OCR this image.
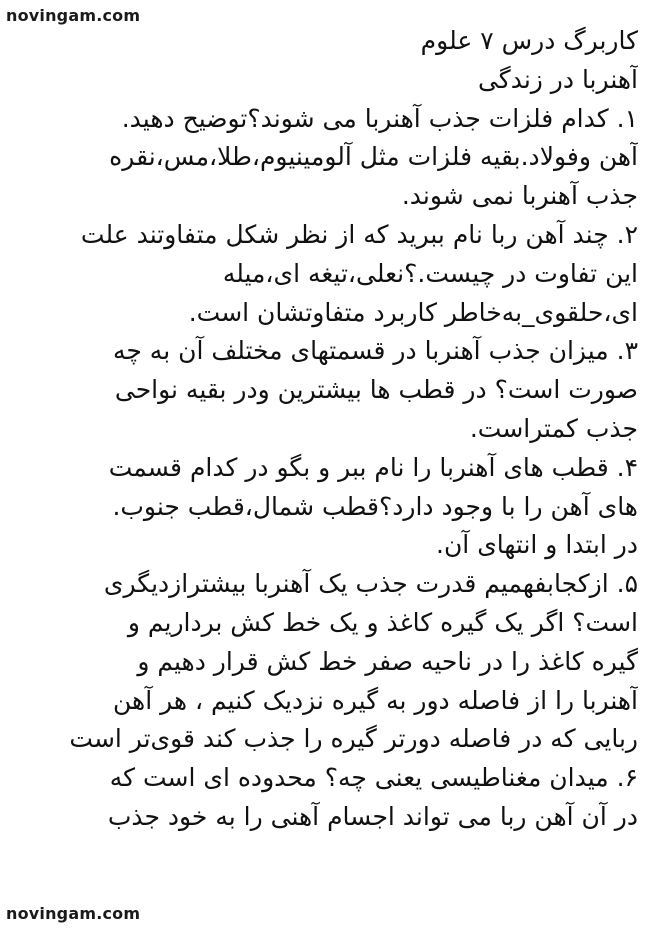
novingam.com
کاربرگ درس ۷ علوم
آهنربا در زندگی
۱. کدام فلزات جذب آهنربا می شوند؟توضیح دهید.
آهن وفولاد.بقیه فلزات مثل آلومینیوم،طلا،مس،نقره
جذب آهنربا نمی شوند.
۲. چند آهن ربا نام ببرید که از نظر شکل متفاوتند علت
این تفاوت در چیست.؟نعلی،تیغه ای،میله
ای،حلقوی_به‌خاطر کاربرد متفاوتشان است.
۳. میزان جذب آهنربا در قسمتهای مختلف آن به چه
صورت است؟ در قطب ها بیشترین ودر بقیه نواحی
جذب کمتراست.
۴. قطب های آهنربا را نام ببر و بگو در کدام قسمت
های آهن را با وجود دارد؟قطب شمال،قطب جنوب.
در ابتدا و انتهای آن.
۵. ازکجابفهمیم قدرت جذب یک آهنربا بیشترازدیگری
است؟ اگر یک گیره کاغذ و یک خط کش برداریم و
گیره کاغذ را در ناحیه صفر خط کش قرار دهیم و
آهنربا را از فاصله دور به گیره نزدیک کنیم ، هر آهن
ربایی که در فاصله دورتر گیره را جذب کند قوی‌تر است
۶. میدان مغناطیسی یعنی چه؟ محدوده ای است که
در آن آهن ربا می تواند اجسام آهنی را به خود جذب
novingam.com
